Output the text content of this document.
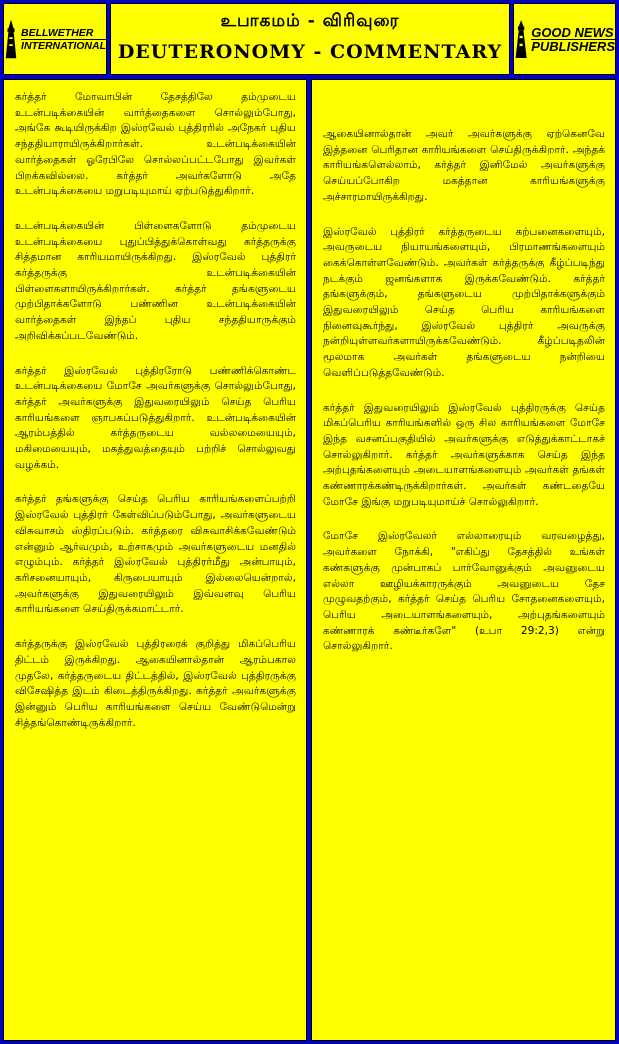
BELLWETHER
INTERNATIONAL
உபாகமம் - விரிவுரை
DEUTERONOMY - COMMENTARY
GOOD NEWS
PUBLISHERS

கர்த்தர் மோவாபின் தேசத்திலே தம்முடைய உடன்படிக்கையின் வார்த்தைகளை சொல்லும்போது, அங்கே கூடியிருக்கிற இஸ்ரவேல் புத்திரரில் அநேகர் புதிய சந்ததியாராயிருக்கிறார்கள். உடன்படிக்கையின் வார்த்தைகள் ஓரேபிலே சொல்லப்பட்டபோது இவர்கள் பிறக்கவில்லை. கர்த்தர் அவர்களோடு அதே உடன்படிக்கையை மறுபடியுமாய் ஏற்படுத்துகிறார்.

உடன்படிக்கையின் பிள்ளைகளோடு தம்முடைய உடன்படிக்கையை புதுப்பித்துக்கொள்வது கர்த்தருக்கு சித்தமான காரியமாயிருக்கிறது. இஸ்ரவேல் புத்திரர் கர்த்தருக்கு உடன்படிக்கையின் பிள்ளைகளாயிருக்கிறார்கள். கர்த்தர் தங்களுடைய முற்பிதாக்களோடு பண்ணின உடன்படிக்கையின் வார்த்தைகள் இந்தப் புதிய சந்ததியாருக்கும் அறிவிக்கப்படவேண்டும்.

கர்த்தர் இஸ்ரவேல் புத்திரரோடு பண்ணிக்கொண்ட உடன்படிக்கையை மோசே அவர்களுக்கு சொல்லும்போது, கர்த்தர் அவர்களுக்கு இதுவரையிலும் செய்த பெரிய காரியங்களை ஞாபகப்படுத்துகிறார். உடன்படிக்கையின் ஆரம்பத்தில் கர்த்தருடைய வல்லமையையும், மகிமையையும், மகத்துவத்தையும் பற்றிச் சொல்லுவது வழக்கம்.

கர்த்தர் தங்களுக்கு செய்த பெரிய காரியங்களைப்பற்றி இஸ்ரவேல் புத்திரர் கேள்விப்படும்போது, அவர்களுடைய விசுவாசம் ஸ்திரப்படும். கர்த்தரை விசுவாசிக்கவேண்டும் என்னும் ஆர்வமும், உற்சாகமும் அவர்களுடைய மனதில் எழும்பும். கர்த்தர் இஸ்ரவேல் புத்திரர்மீது அன்பாயும், கரிசனையாயும், கிருபையாயும் இல்லையென்றால், அவர்களுக்கு இதுவரையிலும் இவ்வளவு பெரிய காரியங்களை செய்திருக்கமாட்டார்.

கர்த்தருக்கு இஸ்ரவேல் புத்திரரைக் குறித்து மிகப்பெரிய திட்டம் இருக்கிறது. ஆகையினால்தான் ஆரம்பகால முதலே, கர்த்தருடைய திட்டத்தில், இஸ்ரவேல் புத்திரருக்கு விசேஷித்த இடம் கிடைத்திருக்கிறது. கர்த்தர் அவர்களுக்கு இன்னும் பெரிய காரியங்களை செய்ய வேண்டுமென்று சித்தங்கொண்டிருக்கிறார்.

ஆகையினால்தான் அவர் அவர்களுக்கு ஏற்கெனவே இத்தனை பெரிதான காரியங்களை செய்திருக்கிறார். அந்தக் காரியங்களெல்லாம், கர்த்தர் இனிமேல் அவர்களுக்கு செய்யப்போகிற மகத்தான காரியங்களுக்கு அச்சாரமாயிருக்கிறது.

இஸ்ரவேல் புத்திரர் கர்த்தருடைய கற்பனைகளையும், அவருடைய நியாயங்களையும், பிரமாணங்களையும் கைக்கொள்ளவேண்டும். அவர்கள் கர்த்தருக்கு கீழ்ப்படிந்து நடக்கும் ஜனங்களாக இருக்கவேண்டும். கர்த்தர் தங்களுக்கும், தங்களுடைய முற்பிதாக்களுக்கும் இதுவரையிலும் செய்த பெரிய காரியங்களை நினைவுகூர்ந்து, இஸ்ரவேல் புத்திரர் அவருக்கு நன்றியுள்ளவர்களாயிருக்கவேண்டும். கீழ்ப்படிதலின் மூலமாக அவர்கள் தங்களுடைய நன்றியை வெளிப்படுத்தவேண்டும்.

கர்த்தர் இதுவரையிலும் இஸ்ரவேல் புத்திரருக்கு செய்த மிகப்பெரிய காரியங்களில் ஒரு சில காரியங்களை மோசே இந்த வசனப்பகுதியில் அவர்களுக்கு எடுத்துக்காட்டாகச் சொல்லுகிறார். கர்த்தர் அவர்களுக்காக செய்த இந்த அற்புதங்களையும் அடையாளங்களையும் அவர்கள் தங்கள் கண்ணாரக்கண்டிருக்கிறார்கள். அவர்கள் கண்டதையே மோசே இங்கு மறுபடியுமாய்ச் சொல்லுகிறார்.

மோசே இஸ்ரவேலர் எல்லாரையும் வரவழைத்து, அவர்களை நோக்கி, "எகிப்து தேசத்தில் உங்கள் கண்களுக்கு முன்பாகப் பார்வோனுக்கும் அவனுடைய எல்லா ஊழியக்காரருக்கும் அவனுடைய தேச முழுவதற்கும், கர்த்தர் செய்த பெரிய சோதனைகளையும், பெரிய அடையாளங்களையும், அற்புதங்களையும் கண்ணாரக் கண்டீர்களே" (உபா 29:2,3) என்று சொல்லுகிறார்.
